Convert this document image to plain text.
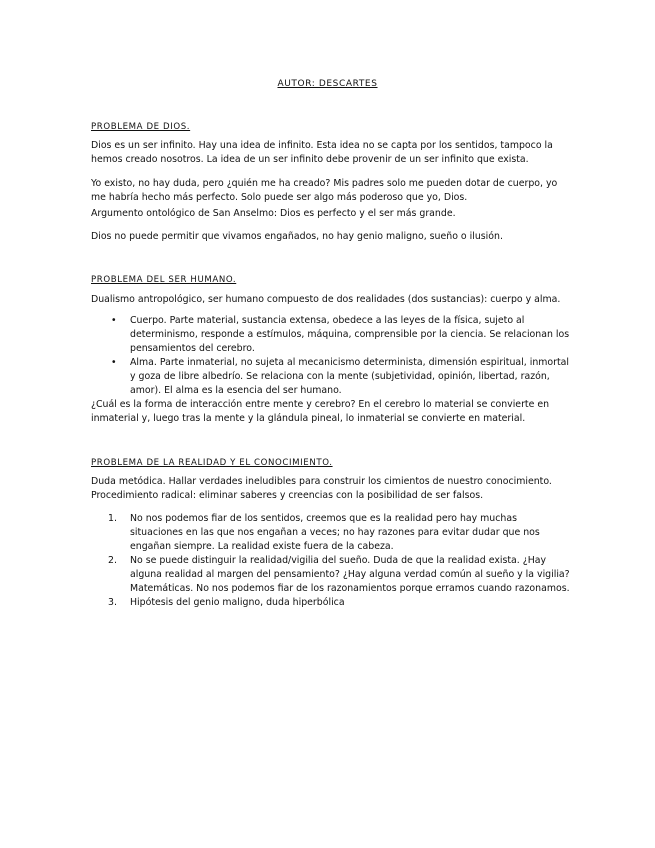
AUTOR: DESCARTES
PROBLEMA DE DIOS.
Dios es un ser infinito. Hay una idea de infinito. Esta idea no se capta por los sentidos, tampoco la hemos creado nosotros. La idea de un ser infinito debe provenir de un ser infinito que exista.
Yo existo, no hay duda, pero ¿quién me ha creado? Mis padres solo me pueden dotar de cuerpo, yo me habría hecho más perfecto. Solo puede ser algo más poderoso que yo, Dios.
Argumento ontológico de San Anselmo: Dios es perfecto y el ser más grande.
Dios no puede permitir que vivamos engañados, no hay genio maligno, sueño o ilusión.
PROBLEMA DEL SER HUMANO.
Dualismo antropológico, ser humano compuesto de dos realidades (dos sustancias): cuerpo y alma.
• Cuerpo. Parte material, sustancia extensa, obedece a las leyes de la física, sujeto al determinismo, responde a estímulos, máquina, comprensible por la ciencia. Se relacionan los pensamientos del cerebro.
• Alma. Parte inmaterial, no sujeta al mecanicismo determinista, dimensión espiritual, inmortal y goza de libre albedrío. Se relaciona con la mente (subjetividad, opinión, libertad, razón, amor). El alma es la esencia del ser humano.
¿Cuál es la forma de interacción entre mente y cerebro? En el cerebro lo material se convierte en inmaterial y, luego tras la mente y la glándula pineal, lo inmaterial se convierte en material.
PROBLEMA DE LA REALIDAD Y EL CONOCIMIENTO.
Duda metódica. Hallar verdades ineludibles para construir los cimientos de nuestro conocimiento. Procedimiento radical: eliminar saberes y creencias con la posibilidad de ser falsos.
1. No nos podemos fiar de los sentidos, creemos que es la realidad pero hay muchas situaciones en las que nos engañan a veces; no hay razones para evitar dudar que nos engañan siempre. La realidad existe fuera de la cabeza.
2. No se puede distinguir la realidad/vigilia del sueño. Duda de que la realidad exista. ¿Hay alguna realidad al margen del pensamiento? ¿Hay alguna verdad común al sueño y la vigilia? Matemáticas. No nos podemos fiar de los razonamientos porque erramos cuando razonamos.
3. Hipótesis del genio maligno, duda hiperbólica
